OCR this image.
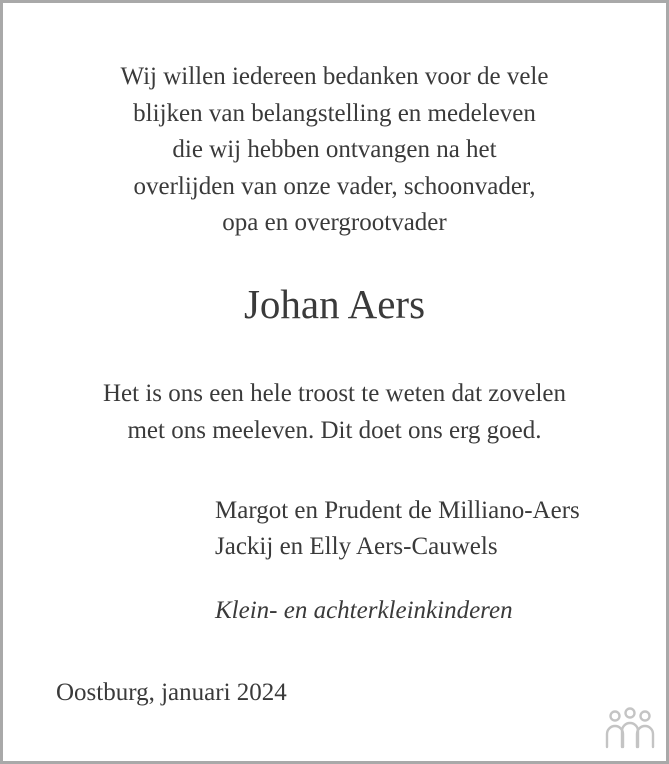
Wij willen iedereen bedanken voor de vele
blijken van belangstelling en medeleven
die wij hebben ontvangen na het
overlijden van onze vader, schoonvader,
opa en overgrootvader
Johan Aers
Het is ons een hele troost te weten dat zovelen
met ons meeleven. Dit doet ons erg goed.
Margot en Prudent de Milliano-Aers
Jackij en Elly Aers-Cauwels
Klein- en achterkleinkinderen
Oostburg, januari 2024
